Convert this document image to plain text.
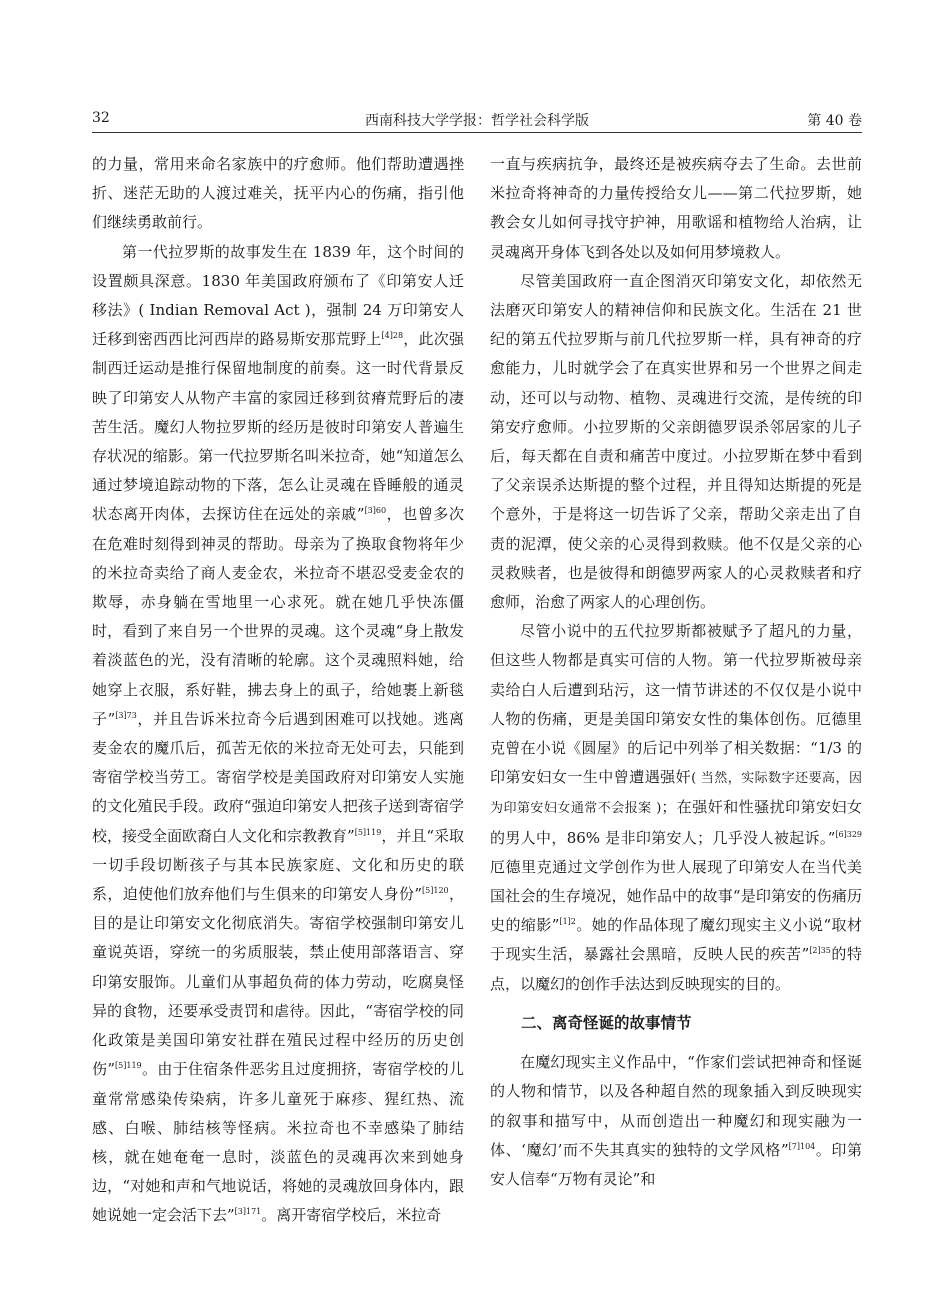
32	西南科技大学学报：哲学社会科学版	第 40 卷

的力量，常用来命名家族中的疗愈师。他们帮助遭遇挫折、迷茫无助的人渡过难关，抚平内心的伤痛，指引他们继续勇敢前行。

第一代拉罗斯的故事发生在 1839 年，这个时间的设置颇具深意。1830 年美国政府颁布了《印第安人迁移法》( Indian Removal Act )，强制 24 万印第安人迁移到密西西比河西岸的路易斯安那荒野上$^{[4]28}$，此次强制西迁运动是推行保留地制度的前奏。这一时代背景反映了印第安人从物产丰富的家园迁移到贫瘠荒野后的凄苦生活。魔幻人物拉罗斯的经历是彼时印第安人普遍生存状况的缩影。第一代拉罗斯名叫米拉奇，她“知道怎么通过梦境追踪动物的下落，怎么让灵魂在昏睡般的通灵状态离开肉体，去探访住在远处的亲戚”$^{[3]60}$，也曾多次在危难时刻得到神灵的帮助。母亲为了换取食物将年少的米拉奇卖给了商人麦金农，米拉奇不堪忍受麦金农的欺辱，赤身躺在雪地里一心求死。就在她几乎快冻僵时，看到了来自另一个世界的灵魂。这个灵魂“身上散发着淡蓝色的光，没有清晰的轮廓。这个灵魂照料她，给她穿上衣服，系好鞋，拂去身上的虱子，给她裹上新毯子”$^{[3]73}$，并且告诉米拉奇今后遇到困难可以找她。逃离麦金农的魔爪后，孤苦无依的米拉奇无处可去，只能到寄宿学校当劳工。寄宿学校是美国政府对印第安人实施的文化殖民手段。政府“强迫印第安人把孩子送到寄宿学校，接受全面欧裔白人文化和宗教教育”$^{[5]119}$，并且“采取一切手段切断孩子与其本民族家庭、文化和历史的联系，迫使他们放弃他们与生俱来的印第安人身份”$^{[5]120}$，目的是让印第安文化彻底消失。寄宿学校强制印第安儿童说英语，穿统一的劣质服装，禁止使用部落语言、穿印第安服饰。儿童们从事超负荷的体力劳动，吃腐臭怪异的食物，还要承受责罚和虐待。因此，“寄宿学校的同化政策是美国印第安社群在殖民过程中经历的历史创伤”$^{[5]119}$。由于住宿条件恶劣且过度拥挤，寄宿学校的儿童常常感染传染病，许多儿童死于麻疹、猩红热、流感、白喉、肺结核等怪病。米拉奇也不幸感染了肺结核，就在她奄奄一息时，淡蓝色的灵魂再次来到她身边，“对她和声和气地说话，将她的灵魂放回身体内，跟她说她一定会活下去”$^{[3]171}$。离开寄宿学校后，米拉奇

一直与疾病抗争，最终还是被疾病夺去了生命。去世前米拉奇将神奇的力量传授给女儿——第二代拉罗斯，她教会女儿如何寻找守护神，用歌谣和植物给人治病，让灵魂离开身体飞到各处以及如何用梦境救人。

尽管美国政府一直企图消灭印第安文化，却依然无法磨灭印第安人的精神信仰和民族文化。生活在 21 世纪的第五代拉罗斯与前几代拉罗斯一样，具有神奇的疗愈能力，儿时就学会了在真实世界和另一个世界之间走动，还可以与动物、植物、灵魂进行交流，是传统的印第安疗愈师。小拉罗斯的父亲朗德罗误杀邻居家的儿子后，每天都在自责和痛苦中度过。小拉罗斯在梦中看到了父亲误杀达斯提的整个过程，并且得知达斯提的死是个意外，于是将这一切告诉了父亲，帮助父亲走出了自责的泥潭，使父亲的心灵得到救赎。他不仅是父亲的心灵救赎者，也是彼得和朗德罗两家人的心灵救赎者和疗愈师，治愈了两家人的心理创伤。

尽管小说中的五代拉罗斯都被赋予了超凡的力量，但这些人物都是真实可信的人物。第一代拉罗斯被母亲卖给白人后遭到玷污，这一情节讲述的不仅仅是小说中人物的伤痛，更是美国印第安女性的集体创伤。厄德里克曾在小说《圆屋》的后记中列举了相关数据：“1/3 的印第安妇女一生中曾遭遇强奸( 当然，实际数字还要高，因为印第安妇女通常不会报案 )；在强奸和性骚扰印第安妇女的男人中，86% 是非印第安人；几乎没人被起诉。”$^{[6]329}$ 厄德里克通过文学创作为世人展现了印第安人在当代美国社会的生存境况，她作品中的故事“是印第安的伤痛历史的缩影”$^{[1]2}$。她的作品体现了魔幻现实主义小说“取材于现实生活，暴露社会黑暗，反映人民的疾苦”$^{[2]35}$的特点，以魔幻的创作手法达到反映现实的目的。

二、离奇怪诞的故事情节

在魔幻现实主义作品中，“作家们尝试把神奇和怪诞的人物和情节，以及各种超自然的现象插入到反映现实的叙事和描写中，从而创造出一种魔幻和现实融为一体、‘魔幻’而不失其真实的独特的文学风格”$^{[7]104}$。印第安人信奉“万物有灵论”和
